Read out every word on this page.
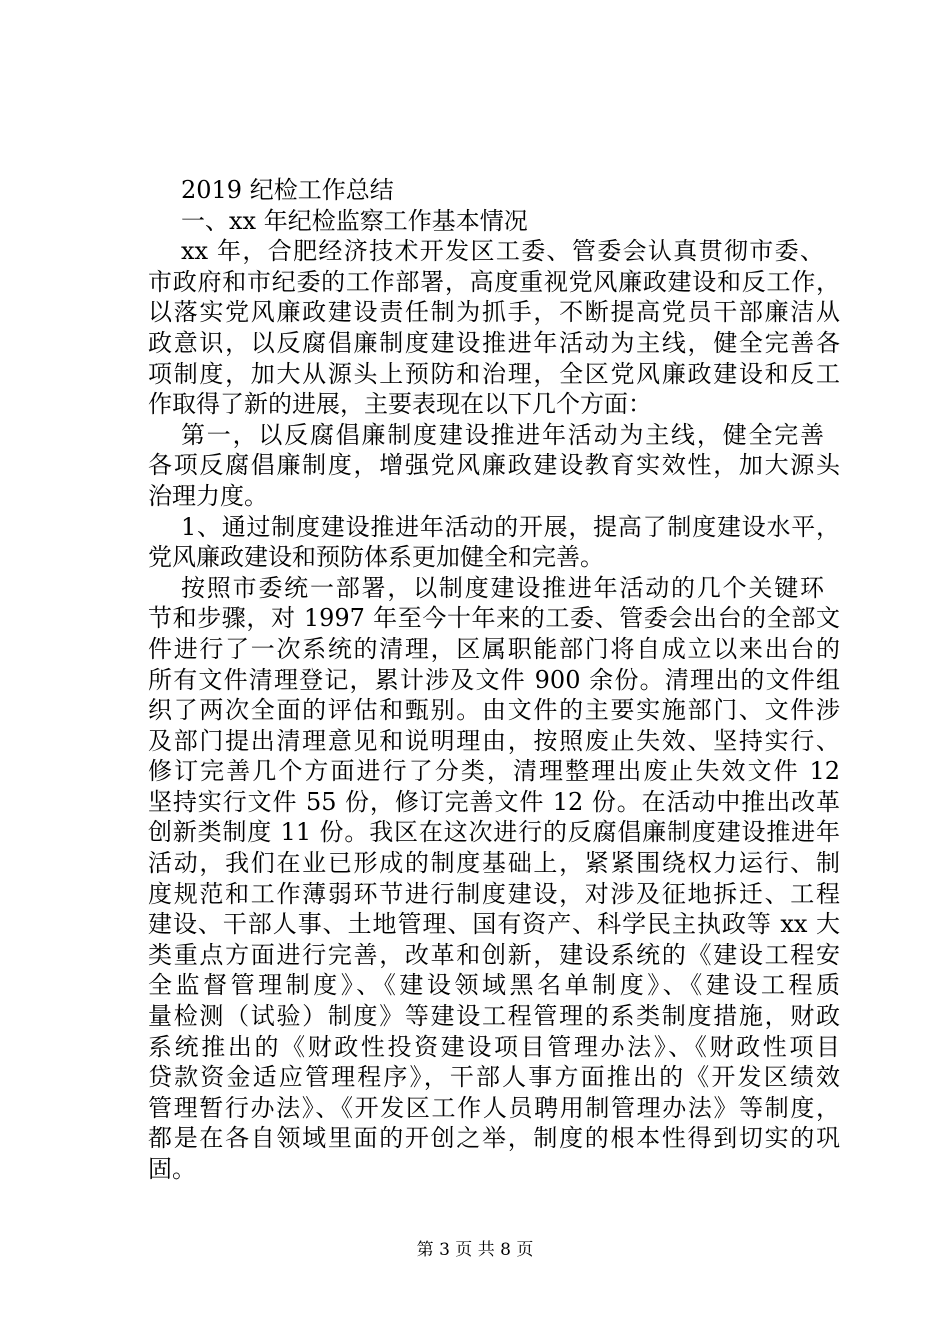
2019 纪检工作总结
一、xx 年纪检监察工作基本情况
xx 年，合肥经济技术开发区工委、管委会认真贯彻市委、
市政府和市纪委的工作部署，高度重视党风廉政建设和反工作，
以落实党风廉政建设责任制为抓手，不断提高党员干部廉洁从
政意识，以反腐倡廉制度建设推进年活动为主线，健全完善各
项制度，加大从源头上预防和治理，全区党风廉政建设和反工
作取得了新的进展，主要表现在以下几个方面：
第一，以反腐倡廉制度建设推进年活动为主线，健全完善
各项反腐倡廉制度，增强党风廉政建设教育实效性，加大源头
治理力度。
1、通过制度建设推进年活动的开展，提高了制度建设水平，
党风廉政建设和预防体系更加健全和完善。
按照市委统一部署，以制度建设推进年活动的几个关键环
节和步骤，对 1997 年至今十年来的工委、管委会出台的全部文
件进行了一次系统的清理，区属职能部门将自成立以来出台的
所有文件清理登记，累计涉及文件 900 余份。清理出的文件组
织了两次全面的评估和甄别。由文件的主要实施部门、文件涉
及部门提出清理意见和说明理由，按照废止失效、坚持实行、
修订完善几个方面进行了分类，清理整理出废止失效文件 12
坚持实行文件 55 份，修订完善文件 12 份。在活动中推出改革
创新类制度 11 份。我区在这次进行的反腐倡廉制度建设推进年
活动，我们在业已形成的制度基础上，紧紧围绕权力运行、制
度规范和工作薄弱环节进行制度建设，对涉及征地拆迁、工程
建设、干部人事、土地管理、国有资产、科学民主执政等 xx 大
类重点方面进行完善，改革和创新，建设系统的《建设工程安
全监督管理制度》、《建设领域黑名单制度》、《建设工程质
量检测（试验）制度》等建设工程管理的系类制度措施，财政
系统推出的《财政性投资建设项目管理办法》、《财政性项目
贷款资金适应管理程序》，干部人事方面推出的《开发区绩效
管理暂行办法》、《开发区工作人员聘用制管理办法》等制度，
都是在各自领域里面的开创之举，制度的根本性得到切实的巩
固。
第 3 页 共 8 页
